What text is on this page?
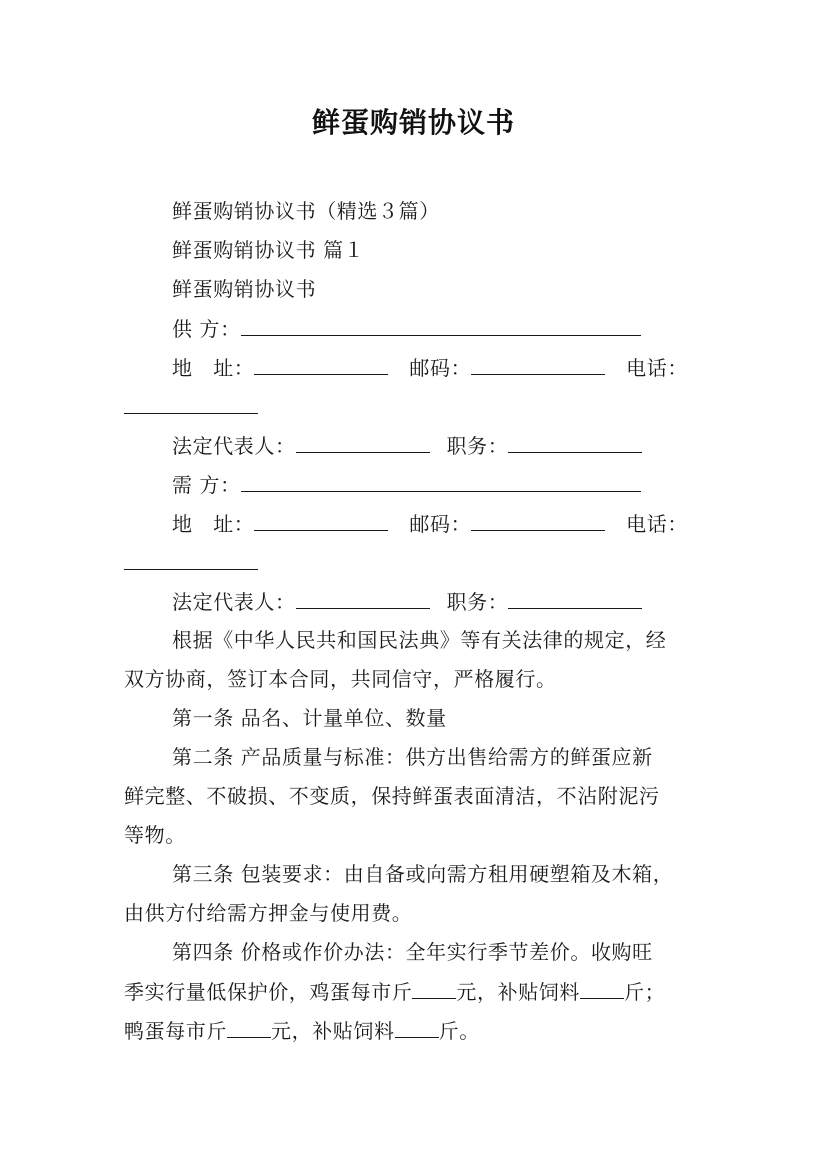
鲜蛋购销协议书
鲜蛋购销协议书（精选３篇）
鲜蛋购销协议书 篇１
鲜蛋购销协议书
供 方：
地　址：	邮码：	电话：
法定代表人：	职务：
需 方：
地　址：	邮码：	电话：
法定代表人：	职务：
根据《中华人民共和国民法典》等有关法律的规定，经
双方协商，签订本合同，共同信守，严格履行。
第一条 品名、计量单位、数量
第二条 产品质量与标准：供方出售给需方的鲜蛋应新
鲜完整、不破损、不变质，保持鲜蛋表面清洁，不沾附泥污
等物。
第三条 包装要求：由自备或向需方租用硬塑箱及木箱，
由供方付给需方押金与使用费。
第四条 价格或作价办法：全年实行季节差价。收购旺
季实行量低保护价，鸡蛋每市斤 元，补贴饲料 斤；
鸭蛋每市斤 元，补贴饲料 斤。
